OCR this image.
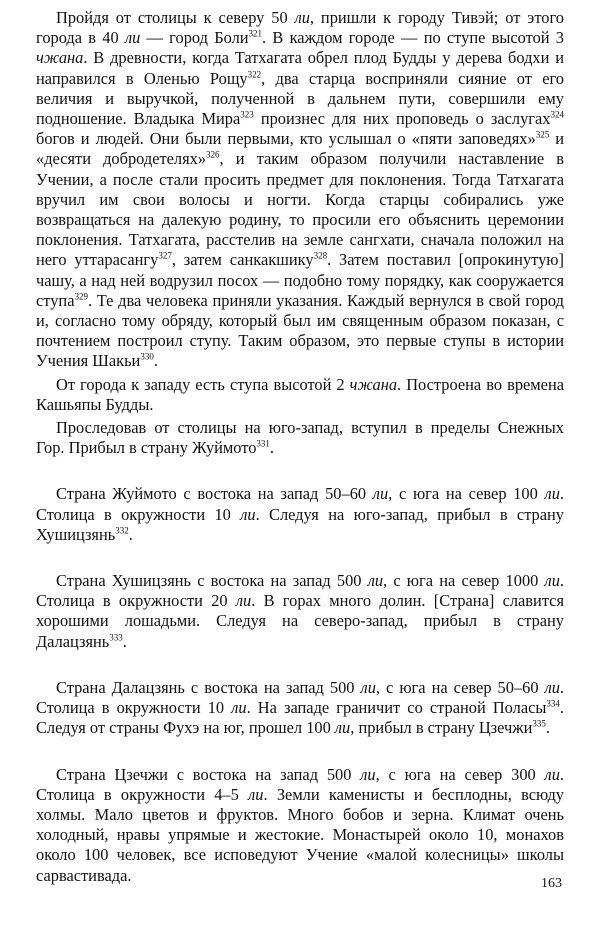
Пройдя от столицы к северу 50 ли, пришли к городу Тивэй; от этого города в 40 ли — город Боли$^{321}$. В каждом городе — по ступе высотой 3 чжана. В древности, когда Татхагата обрел плод Будды у дерева бодхи и направился в Оленью Рощу$^{322}$, два старца восприняли сияние от его величия и выручкой, полученной в дальнем пути, совершили ему подношение. Владыка Мира$^{323}$ произнес для них проповедь о заслугах$^{324}$ богов и людей. Они были первыми, кто услышал о «пяти заповедях»$^{325}$ и «десяти добродетелях»$^{326}$, и таким образом получили наставление в Учении, а после стали просить предмет для поклонения. Тогда Татхагата вручил им свои волосы и ногти. Когда старцы собирались уже возвращаться на далекую родину, то просили его объяснить церемонии поклонения. Татхагата, расстелив на земле сангхати, сначала положил на него уттарасангу$^{327}$, затем санкакшику$^{328}$. Затем поставил [опрокинутую] чашу, а над ней водрузил посох — подобно тому порядку, как сооружается ступа$^{329}$. Те два человека приняли указания. Каждый вернулся в свой город и, согласно тому обряду, который был им священным образом показан, с почтением построил ступу. Таким образом, это первые ступы в истории Учения Шакьи$^{330}$.

От города к западу есть ступа высотой 2 чжана. Построена во времена Кашьяпы Будды.

Проследовав от столицы на юго-запад, вступил в пределы Снежных Гор. Прибыл в страну Жуймото$^{331}$.

Страна Жуймото с востока на запад 50–60 ли, с юга на север 100 ли. Столица в окружности 10 ли. Следуя на юго-запад, прибыл в страну Хушицзянь$^{332}$.

Страна Хушицзянь с востока на запад 500 ли, с юга на север 1000 ли. Столица в окружности 20 ли. В горах много долин. [Страна] славится хорошими лошадьми. Следуя на северо-запад, прибыл в страну Далацзянь$^{333}$.

Страна Далацзянь с востока на запад 500 ли, с юга на север 50–60 ли. Столица в окружности 10 ли. На западе граничит со страной Поласы$^{334}$. Следуя от страны Фухэ на юг, прошел 100 ли, прибыл в страну Цзечжи$^{335}$.

Страна Цзечжи с востока на запад 500 ли, с юга на север 300 ли. Столица в окружности 4–5 ли. Земли каменисты и бесплодны, всюду холмы. Мало цветов и фруктов. Много бобов и зерна. Климат очень холодный, нравы упрямые и жестокие. Монастырей около 10, монахов около 100 человек, все исповедуют Учение «малой колесницы» школы сарвастивада.	163
